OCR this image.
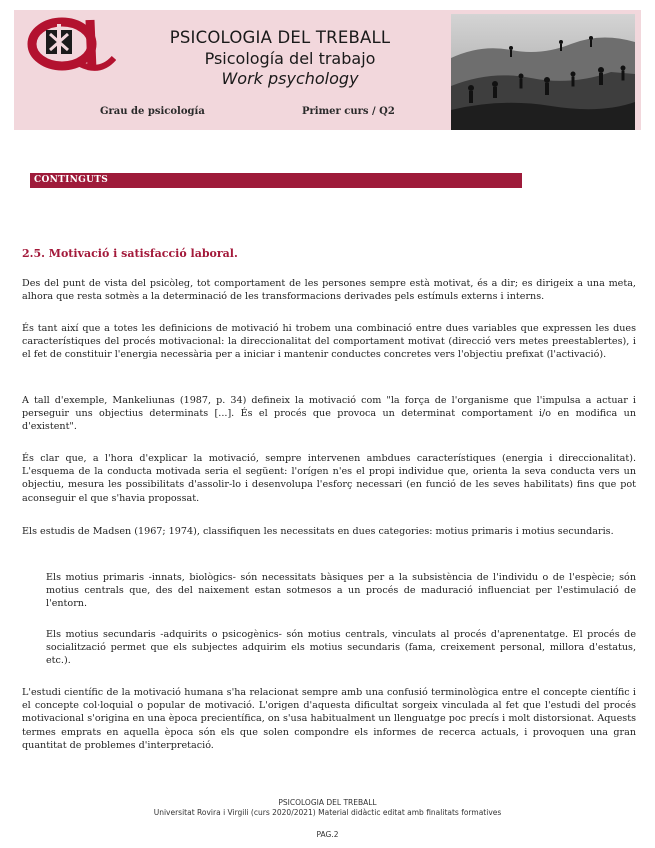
PSICOLOGIA DEL TREBALL
Psicología del trabajo
Work psychology
Grau de psicología	Primer curs / Q2
CONTINGUTS
2.5. Motivació i satisfacció laboral.

Des del punt de vista del psicòleg, tot comportament de les persones sempre està motivat, és a dir; es dirigeix a una meta, alhora que resta sotmès a la determinació de les transformacions derivades pels estímuls externs i interns.

És tant així que a totes les definicions de motivació hi trobem una combinació entre dues variables que expressen les dues característiques del procés motivacional: la direccionalitat del comportament motivat (direcció vers metes preestablertes), i el fet de constituir l'energia necessària per a iniciar i mantenir conductes concretes vers l'objectiu prefixat (l'activació).

A tall d'exemple, Mankeliunas (1987, p. 34) defineix la motivació com "la força de l'organisme que l'impulsa a actuar i perseguir uns objectius determinats [...]. És el procés que provoca un determinat comportament i/o en modifica un d'existent".

És clar que, a l'hora d'explicar la motivació, sempre intervenen ambdues característiques (energia i direccionalitat). L'esquema de la conducta motivada seria el següent: l'orígen n'es el propi individue que, orienta la seva conducta vers un objectiu, mesura les possibilitats d'assolir-lo i desenvolupa l'esforç necessari (en funció de les seves habilitats) fins que pot aconseguir el que s'havia propossat.

Els estudis de Madsen (1967; 1974), classifiquen les necessitats en dues categories: motius primaris i motius secundaris.

Els motius primaris -innats, biològics- són necessitats bàsiques per a la subsistència de l'individu o de l'espècie; són motius centrals que, des del naixement estan sotmesos a un procés de maduració influenciat per l'estimulació de l'entorn.

Els motius secundaris -adquirits o psicogènics- són motius centrals, vinculats al procés d'aprenentatge. El procés de socialització permet que els subjectes adquirim els motius secundaris (fama, creixement personal, millora d'estatus, etc.).

L'estudi científic de la motivació humana s'ha relacionat sempre amb una confusió terminològica entre el concepte científic i el concepte col·loquial o popular de motivació. L'origen d'aquesta dificultat sorgeix vinculada al fet que l'estudi del procés motivacional s'origina en una època precientífica, on s'usa habitualment un llenguatge poc precís i molt distorsionat. Aquests termes emprats en aquella època són els que solen compondre els informes de recerca actuals, i provoquen una gran quantitat de problemes d'interpretació.

PSICOLOGIA DEL TREBALL
Universitat Rovira i Virgili (curs 2020/2021) Material didàctic editat amb finalitats formatives
PAG.2
